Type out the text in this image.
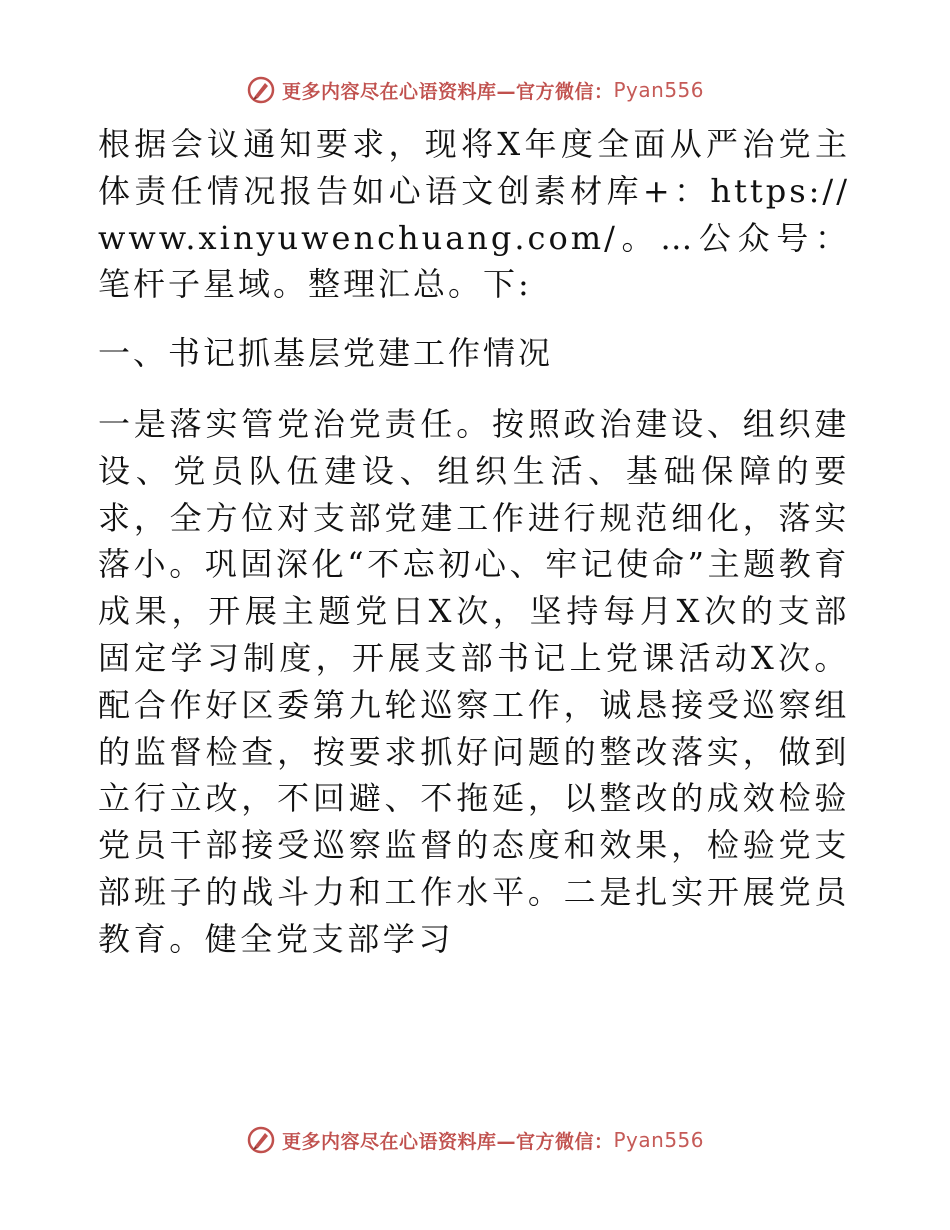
更多内容尽在心语资料库—官方微信： Pyan556

根据会议通知要求，现将X年度全面从严治党主体责任情况报告如心语文创素材库+：https://www.xinyuwenchuang.com/。…公众号：笔杆子星域。整理汇总。下:

一、书记抓基层党建工作情况

一是落实管党治党责任。按照政治建设、组织建设、党员队伍建设、组织生活、基础保障的要求，全方位对支部党建工作进行规范细化，落实落小。巩固深化“不忘初心、牢记使命”主题教育成果，开展主题党日X次，坚持每月X次的支部固定学习制度，开展支部书记上党课活动X次。配合作好区委第九轮巡察工作，诚恳接受巡察组的监督检查，按要求抓好问题的整改落实，做到立行立改，不回避、不拖延，以整改的成效检验党员干部接受巡察监督的态度和效果，检验党支部班子的战斗力和工作水平。二是扎实开展党员教育。健全党支部学习

更多内容尽在心语资料库—官方微信： Pyan556
